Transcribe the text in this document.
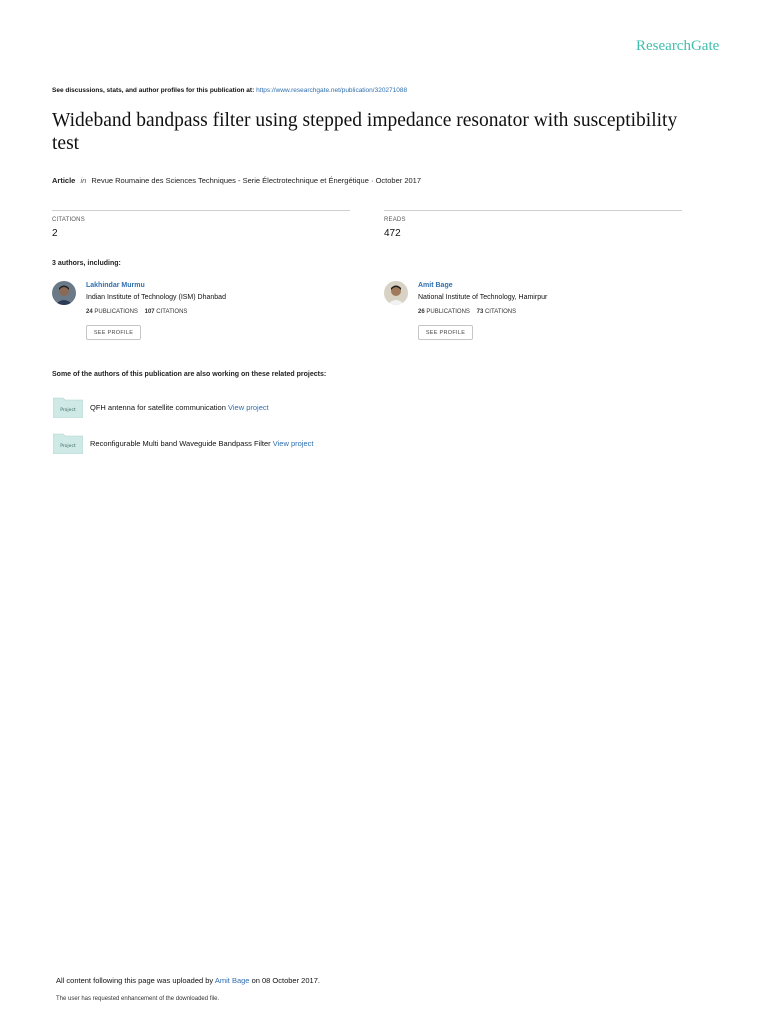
ResearchGate
See discussions, stats, and author profiles for this publication at: https://www.researchgate.net/publication/320271088
Wideband bandpass filter using stepped impedance resonator with susceptibility test
Article in Revue Roumaine des Sciences Techniques - Serie Électrotechnique et Énergétique · October 2017
CITATIONS
2
READS
472
3 authors, including:
Lakhindar Murmu
Indian Institute of Technology (ISM) Dhanbad
24 PUBLICATIONS 107 CITATIONS
SEE PROFILE
Amit Bage
National Institute of Technology, Hamirpur
26 PUBLICATIONS 73 CITATIONS
SEE PROFILE
Some of the authors of this publication are also working on these related projects:
Project QFH antenna for satellite communication View project
Project Reconfigurable Multi band Waveguide Bandpass Filter View project
All content following this page was uploaded by Amit Bage on 08 October 2017.
The user has requested enhancement of the downloaded file.
